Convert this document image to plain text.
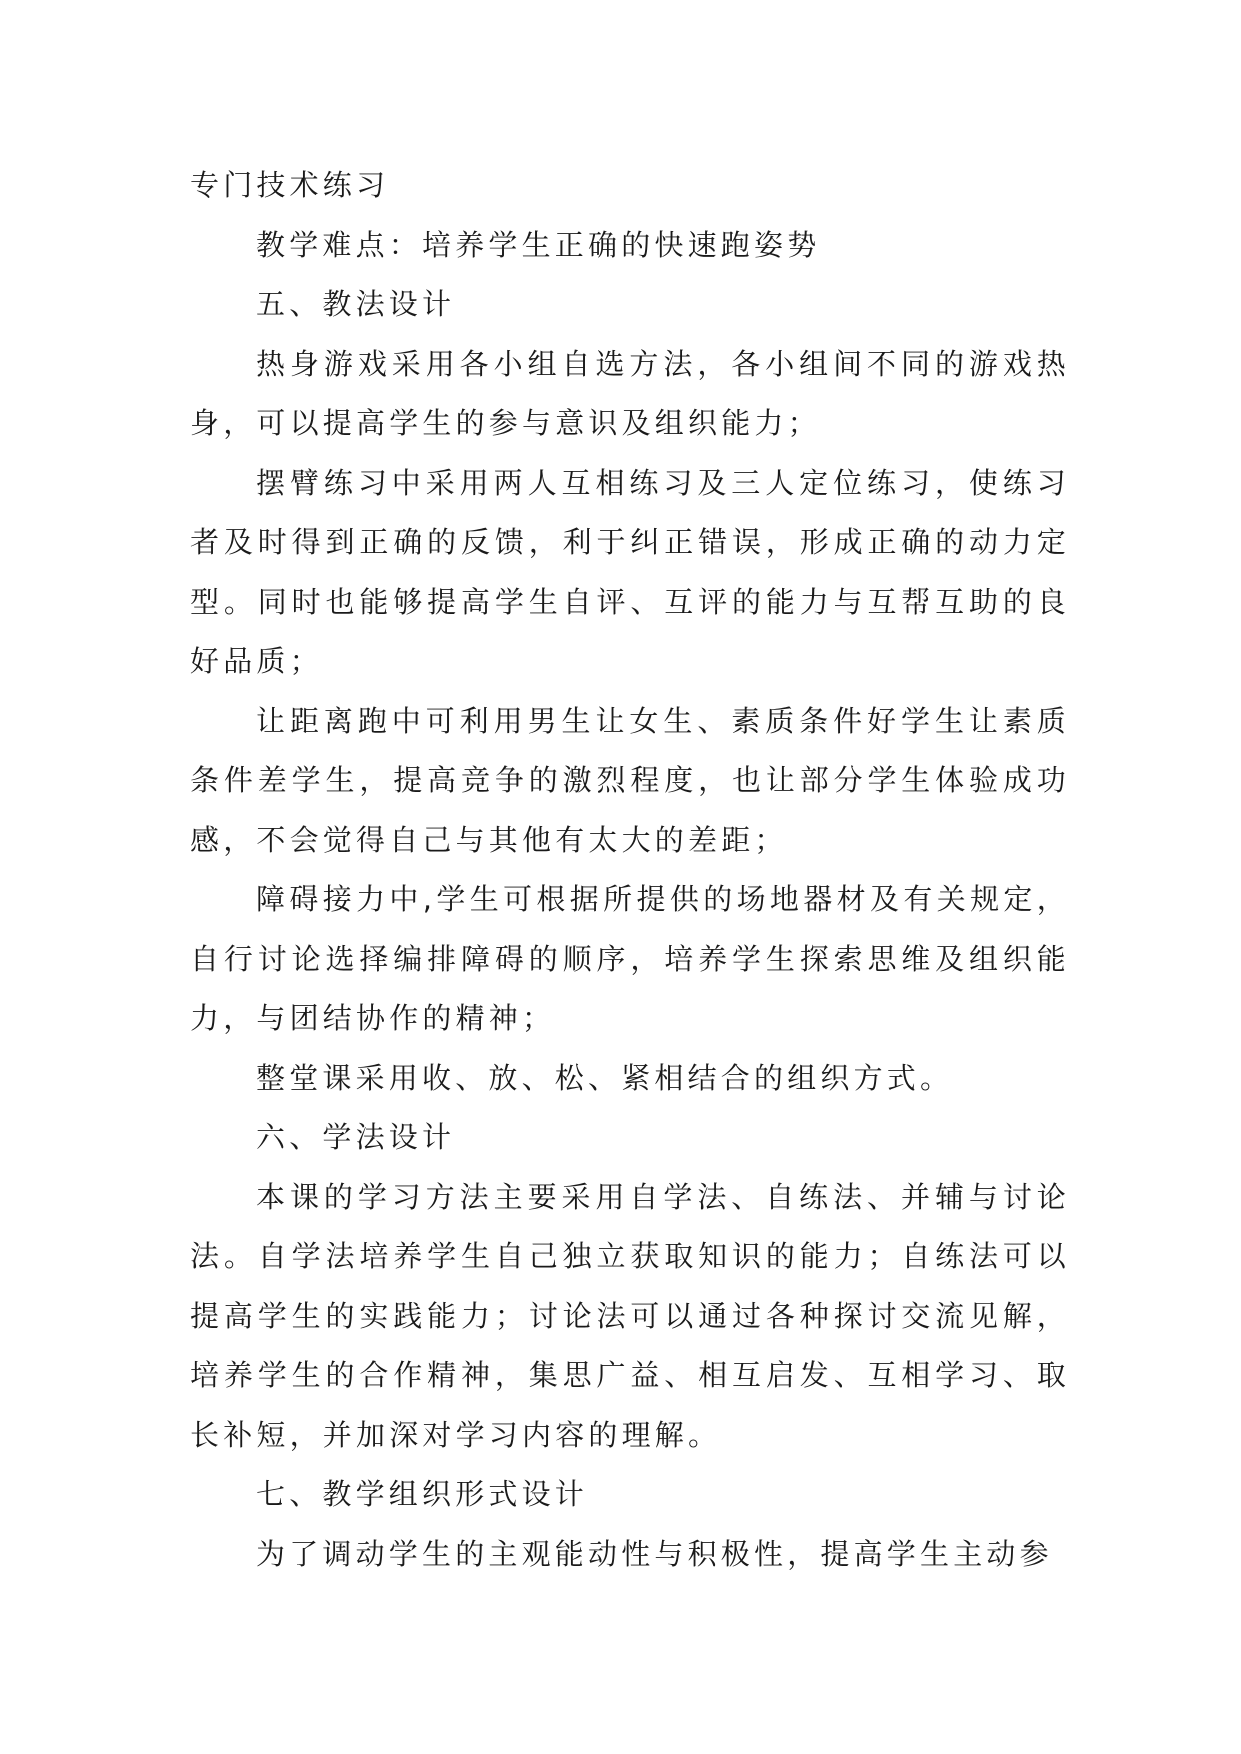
专门技术练习

教学难点：培养学生正确的快速跑姿势

五、教法设计

热身游戏采用各小组自选方法，各小组间不同的游戏热身，可以提高学生的参与意识及组织能力；

摆臂练习中采用两人互相练习及三人定位练习，使练习者及时得到正确的反馈，利于纠正错误，形成正确的动力定型。同时也能够提高学生自评、互评的能力与互帮互助的良好品质；

让距离跑中可利用男生让女生、素质条件好学生让素质条件差学生，提高竞争的激烈程度，也让部分学生体验成功感，不会觉得自己与其他有太大的差距；

障碍接力中,学生可根据所提供的场地器材及有关规定，自行讨论选择编排障碍的顺序，培养学生探索思维及组织能力，与团结协作的精神；

整堂课采用收、放、松、紧相结合的组织方式。

六、学法设计

本课的学习方法主要采用自学法、自练法、并辅与讨论法。自学法培养学生自己独立获取知识的能力；自练法可以提高学生的实践能力；讨论法可以通过各种探讨交流见解，培养学生的合作精神，集思广益、相互启发、互相学习、取长补短，并加深对学习内容的理解。

七、教学组织形式设计

为了调动学生的主观能动性与积极性，提高学生主动参
